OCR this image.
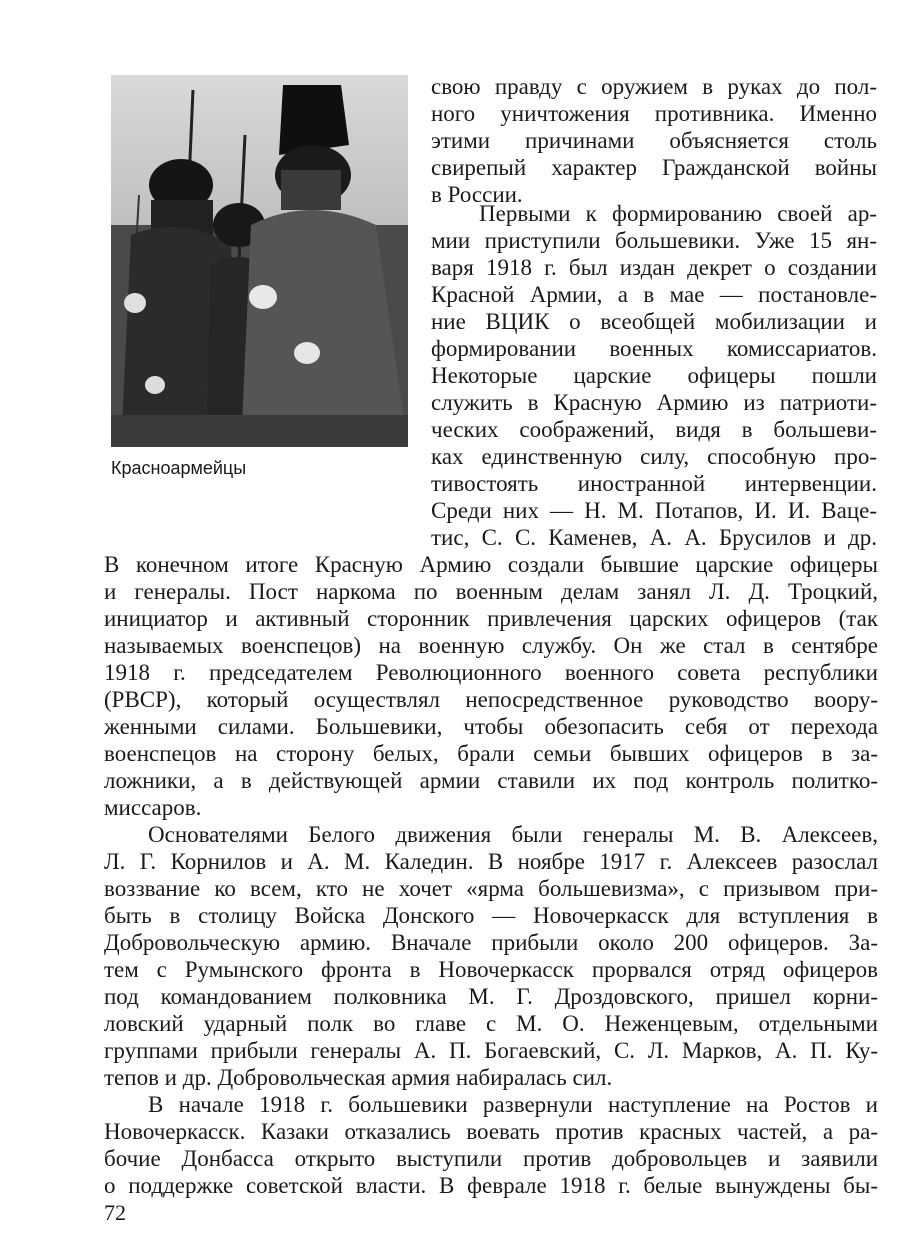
Красноармейцы
свою правду с оружием в руках до пол-
ного уничтожения противника. Именно
этими причинами объясняется столь
свирепый характер Гражданской войны
в России.
Первыми к формированию своей ар-
мии приступили большевики. Уже 15 ян-
варя 1918 г. был издан декрет о создании
Красной Армии, а в мае — постановле-
ние ВЦИК о всеобщей мобилизации и
формировании военных комиссариатов.
Некоторые царские офицеры пошли
служить в Красную Армию из патриоти-
ческих соображений, видя в большеви-
ках единственную силу, способную про-
тивостоять иностранной интервенции.
Среди них — Н. М. Потапов, И. И. Ваце-
тис, С. С. Каменев, А. А. Брусилов и др.
В конечном итоге Красную Армию создали бывшие царские офицеры
и генералы. Пост наркома по военным делам занял Л. Д. Троцкий,
инициатор и активный сторонник привлечения царских офицеров (так
называемых военспецов) на военную службу. Он же стал в сентябре
1918 г. председателем Революционного военного совета республики
(РВСР), который осуществлял непосредственное руководство воору-
женными силами. Большевики, чтобы обезопасить себя от перехода
военспецов на сторону белых, брали семьи бывших офицеров в за-
ложники, а в действующей армии ставили их под контроль политко-
миссаров.
Основателями Белого движения были генералы М. В. Алексеев,
Л. Г. Корнилов и А. М. Каледин. В ноябре 1917 г. Алексеев разослал
воззвание ко всем, кто не хочет «ярма большевизма», с призывом при-
быть в столицу Войска Донского — Новочеркасск для вступления в
Добровольческую армию. Вначале прибыли около 200 офицеров. За-
тем с Румынского фронта в Новочеркасск прорвался отряд офицеров
под командованием полковника М. Г. Дроздовского, пришел корни-
ловский ударный полк во главе с М. О. Неженцевым, отдельными
группами прибыли генералы А. П. Богаевский, С. Л. Марков, А. П. Ку-
тепов и др. Добровольческая армия набиралась сил.
В начале 1918 г. большевики развернули наступление на Ростов и
Новочеркасск. Казаки отказались воевать против красных частей, а ра-
бочие Донбасса открыто выступили против добровольцев и заявили
о поддержке советской власти. В феврале 1918 г. белые вынуждены бы-
72
